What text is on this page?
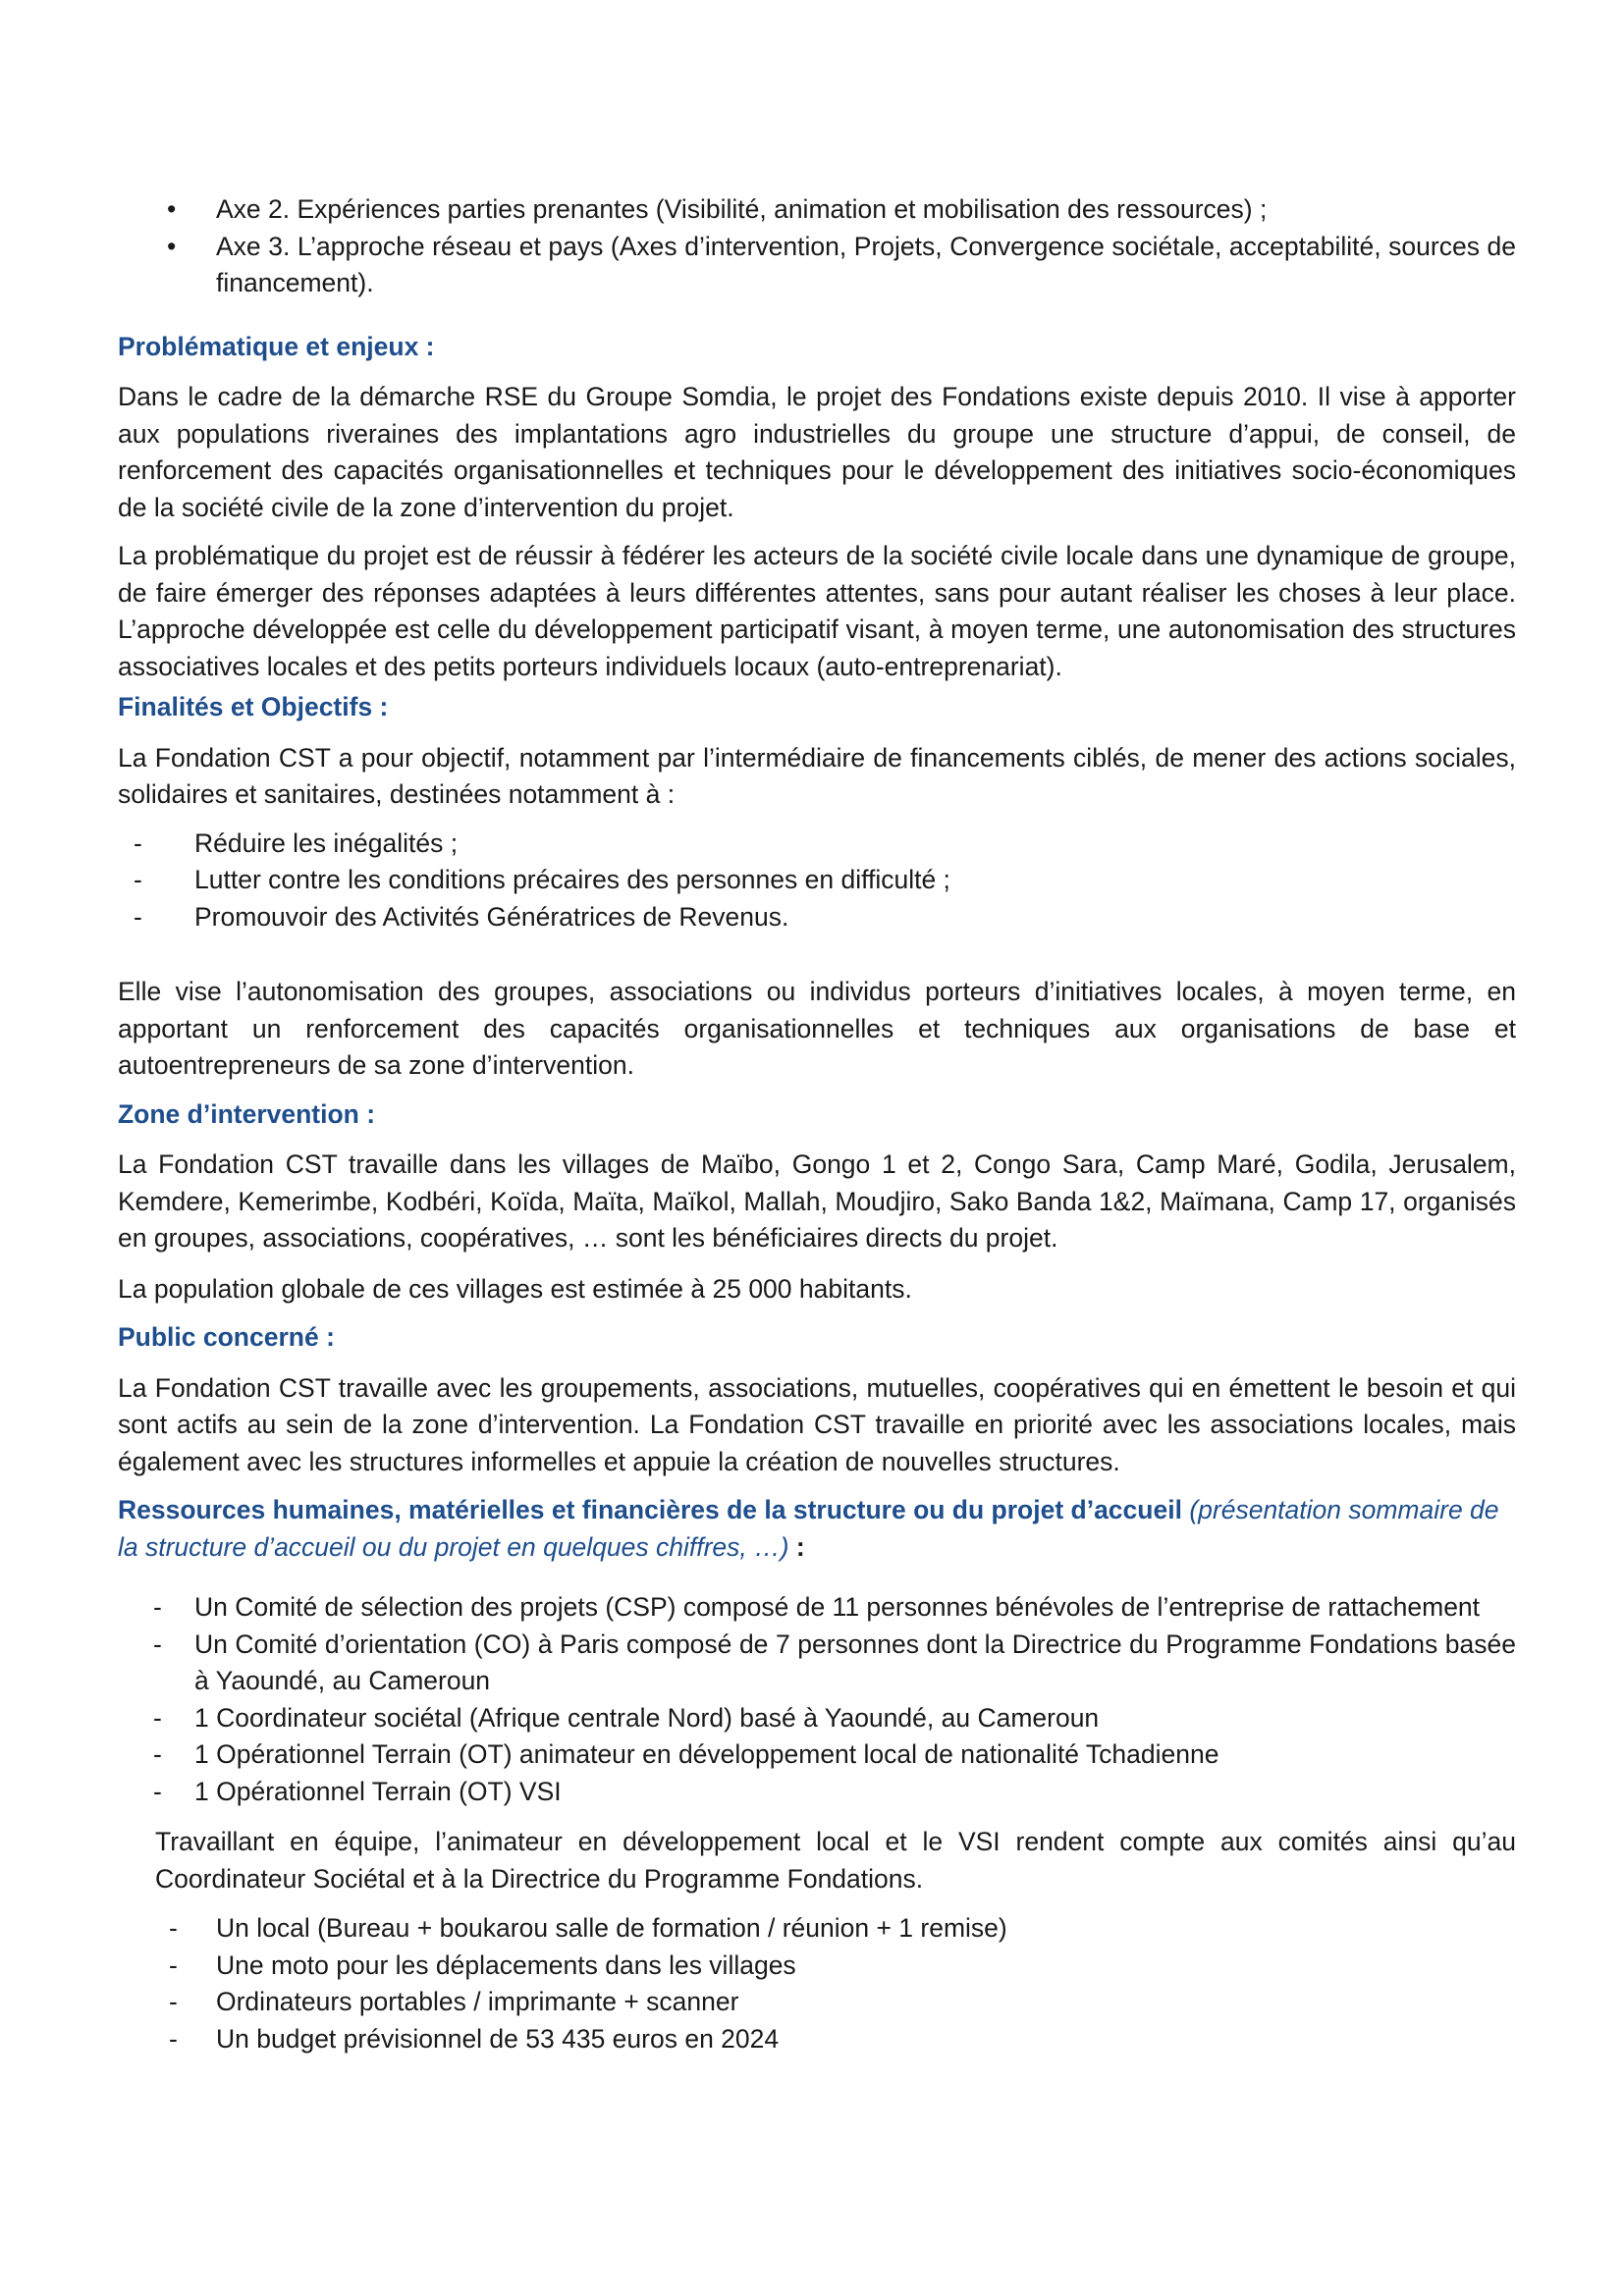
• Axe 2. Expériences parties prenantes (Visibilité, animation et mobilisation des ressources) ;
• Axe 3. L’approche réseau et pays (Axes d’intervention, Projets, Convergence sociétale, acceptabilité, sources de financement).
Problématique et enjeux :

Dans le cadre de la démarche RSE du Groupe Somdia, le projet des Fondations existe depuis 2010. Il vise à apporter aux populations riveraines des implantations agro industrielles du groupe une structure d’appui, de conseil, de renforcement des capacités organisationnelles et techniques pour le développement des initiatives socio-économiques de la société civile de la zone d’intervention du projet.

La problématique du projet est de réussir à fédérer les acteurs de la société civile locale dans une dynamique de groupe, de faire émerger des réponses adaptées à leurs différentes attentes, sans pour autant réaliser les choses à leur place. L’approche développée est celle du développement participatif visant, à moyen terme, une autonomisation des structures associatives locales et des petits porteurs individuels locaux (auto-entreprenariat).

Finalités et Objectifs :

La Fondation CST a pour objectif, notamment par l’intermédiaire de financements ciblés, de mener des actions sociales, solidaires et sanitaires, destinées notamment à :

- Réduire les inégalités ;
- Lutter contre les conditions précaires des personnes en difficulté ;
- Promouvoir des Activités Génératrices de Revenus.

Elle vise l’autonomisation des groupes, associations ou individus porteurs d’initiatives locales, à moyen terme, en apportant un renforcement des capacités organisationnelles et techniques aux organisations de base et autoentrepreneurs de sa zone d’intervention.

Zone d’intervention :

La Fondation CST travaille dans les villages de Maïbo, Gongo 1 et 2, Congo Sara, Camp Maré, Godila, Jerusalem, Kemdere, Kemerimbe, Kodbéri, Koïda, Maïta, Maïkol, Mallah, Moudjiro, Sako Banda 1&2, Maïmana, Camp 17, organisés en groupes, associations, coopératives, … sont les bénéficiaires directs du projet.

La population globale de ces villages est estimée à 25 000 habitants.

Public concerné :

La Fondation CST travaille avec les groupements, associations, mutuelles, coopératives qui en émettent le besoin et qui sont actifs au sein de la zone d’intervention. La Fondation CST travaille en priorité avec les associations locales, mais également avec les structures informelles et appuie la création de nouvelles structures.

Ressources humaines, matérielles et financières de la structure ou du projet d’accueil (présentation sommaire de la structure d’accueil ou du projet en quelques chiffres, …) :
- Un Comité de sélection des projets (CSP) composé de 11 personnes bénévoles de l’entreprise de rattachement
- Un Comité d’orientation (CO) à Paris composé de 7 personnes dont la Directrice du Programme Fondations basée à Yaoundé, au Cameroun
- 1 Coordinateur sociétal (Afrique centrale Nord) basé à Yaoundé, au Cameroun
- 1 Opérationnel Terrain (OT) animateur en développement local de nationalité Tchadienne
- 1 Opérationnel Terrain (OT) VSI

Travaillant en équipe, l’animateur en développement local et le VSI rendent compte aux comités ainsi qu’au Coordinateur Sociétal et à la Directrice du Programme Fondations.

- Un local (Bureau + boukarou salle de formation / réunion + 1 remise)
- Une moto pour les déplacements dans les villages
- Ordinateurs portables / imprimante + scanner
- Un budget prévisionnel de 53 435 euros en 2024
